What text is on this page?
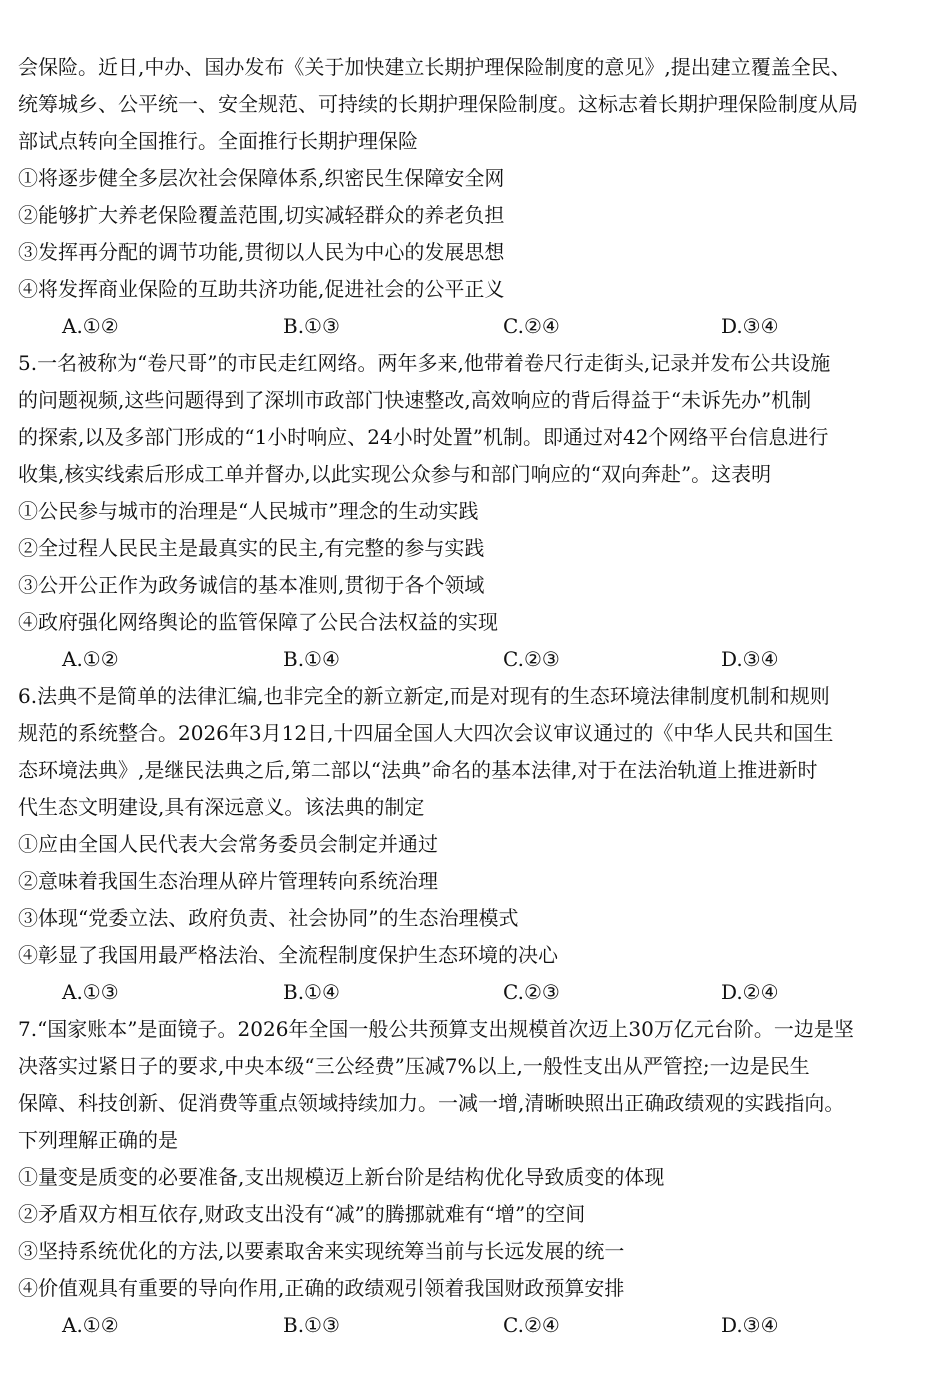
会保险。近日,中办、国办发布《关于加快建立长期护理保险制度的意见》,提出建立覆盖全民、
统筹城乡、公平统一、安全规范、可持续的长期护理保险制度。这标志着长期护理保险制度从局
部试点转向全国推行。全面推行长期护理保险
①将逐步健全多层次社会保障体系,织密民生保障安全网
②能够扩大养老保险覆盖范围,切实减轻群众的养老负担
③发挥再分配的调节功能,贯彻以人民为中心的发展思想
④将发挥商业保险的互助共济功能,促进社会的公平正义
A.①②	B.①③	C.②④	D.③④
5.一名被称为“卷尺哥”的市民走红网络。两年多来,他带着卷尺行走街头,记录并发布公共设施
的问题视频,这些问题得到了深圳市政部门快速整改,高效响应的背后得益于“未诉先办”机制
的探索,以及多部门形成的“1小时响应、24小时处置”机制。即通过对42个网络平台信息进行
收集,核实线索后形成工单并督办,以此实现公众参与和部门响应的“双向奔赴”。这表明
①公民参与城市的治理是“人民城市”理念的生动实践
②全过程人民民主是最真实的民主,有完整的参与实践
③公开公正作为政务诚信的基本准则,贯彻于各个领域
④政府强化网络舆论的监管保障了公民合法权益的实现
A.①②	B.①④	C.②③	D.③④
6.法典不是简单的法律汇编,也非完全的新立新定,而是对现有的生态环境法律制度机制和规则
规范的系统整合。2026年3月12日,十四届全国人大四次会议审议通过的《中华人民共和国生
态环境法典》,是继民法典之后,第二部以“法典”命名的基本法律,对于在法治轨道上推进新时
代生态文明建设,具有深远意义。该法典的制定
①应由全国人民代表大会常务委员会制定并通过
②意味着我国生态治理从碎片管理转向系统治理
③体现“党委立法、政府负责、社会协同”的生态治理模式
④彰显了我国用最严格法治、全流程制度保护生态环境的决心
A.①③	B.①④	C.②③	D.②④
7.“国家账本”是面镜子。2026年全国一般公共预算支出规模首次迈上30万亿元台阶。一边是坚
决落实过紧日子的要求,中央本级“三公经费”压减7%以上,一般性支出从严管控;一边是民生
保障、科技创新、促消费等重点领域持续加力。一减一增,清晰映照出正确政绩观的实践指向。
下列理解正确的是
①量变是质变的必要准备,支出规模迈上新台阶是结构优化导致质变的体现
②矛盾双方相互依存,财政支出没有“减”的腾挪就难有“增”的空间
③坚持系统优化的方法,以要素取舍来实现统筹当前与长远发展的统一
④价值观具有重要的导向作用,正确的政绩观引领着我国财政预算安排
A.①②	B.①③	C.②④	D.③④
